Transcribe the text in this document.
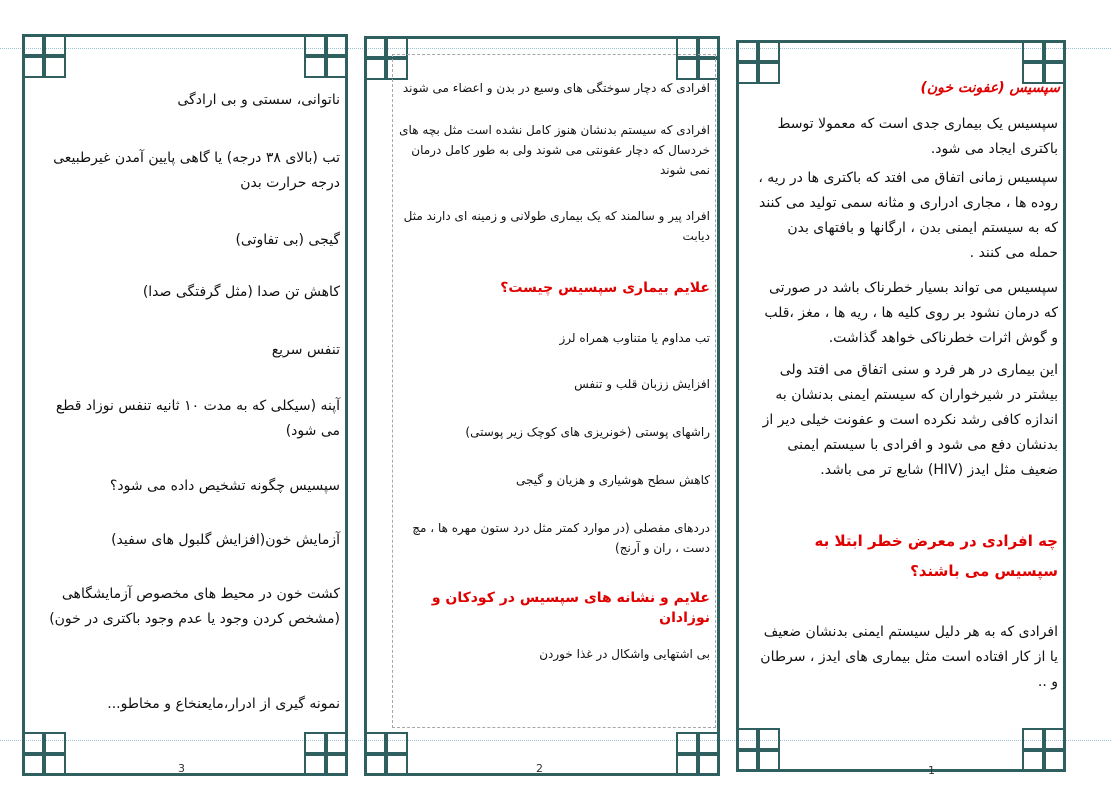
ناتوانی، سستی و بی ارادگی
تب (بالای ۳۸ درجه) یا گاهی پایین آمدن غیرطبیعی درجه حرارت بدن
گیجی (بی تفاوتی)
کاهش تن صدا (مثل گرفتگی صدا)
تنفس سریع
آپنه (سیکلی که به مدت ۱۰ ثانیه تنفس نوزاد قطع می شود)
سپسیس چگونه تشخیص داده می شود؟
آزمایش خون(افزایش گلبول های سفید)
کشت خون در محیط های مخصوص آزمایشگاهی (مشخص کردن وجود یا عدم وجود باکتری در خون)
نمونه گیری از ادرار،مایعنخاع و مخاطو...
3
افرادی که دچار سوختگی های وسیع در بدن و اعضاء می شوند
افرادی که سیستم بدنشان هنوز کامل نشده است مثل بچه های خردسال که دچار عفونتی می شوند ولی به طور کامل درمان نمی شوند
افراد پیر و سالمند که یک بیماری طولانی و زمینه ای دارند مثل دیابت
علایم بیماری سپسیس چیست؟
تب مداوم یا متناوب همراه لرز
افزایش ززبان قلب و تنفس
راشهای پوستی (خونریزی های کوچک زیر پوستی)
کاهش سطح هوشیاری و هزیان و گیجی
دردهای مفصلی (در موارد کمتر مثل درد ستون مهره ها ، مچ دست ، ران و آرنج)
علایم و نشانه های سپسیس در کودکان و نوزادان
بی اشتهایی واشکال در غذا خوردن
2
سپسیس (عفونت خون)
سپسیس یک بیماری جدی است که معمولا توسط باکتری ایجاد می شود.
سپسیس زمانی اتفاق می افتد که باکتری ها در ریه ، روده ها ، مجاری ادراری و مثانه سمی تولید می کنند که به سیستم ایمنی بدن ، ارگانها و بافتهای بدن حمله می کنند .
سپسیس می تواند بسیار خطرناک باشد در صورتی که درمان نشود بر روی کلیه ها ، ریه ها ، مغز ،قلب و گوش اثرات خطرناکی خواهد گذاشت.
این بیماری در هر فرد و سنی اتفاق می افتد ولی بیشتر در شیرخواران که سیستم ایمنی بدنشان به اندازه کافی رشد نکرده است و عفونت خیلی دیر از بدنشان دفع می شود و افرادی با سیستم ایمنی ضعیف مثل ایدز (HIV) شایع تر می باشد.
چه افرادی در معرض خطر ابتلا به سپسیس می باشند؟
افرادی که به هر دلیل سیستم ایمنی بدنشان ضعیف یا از کار افتاده است مثل بیماری های ایدز ، سرطان و ..
1
